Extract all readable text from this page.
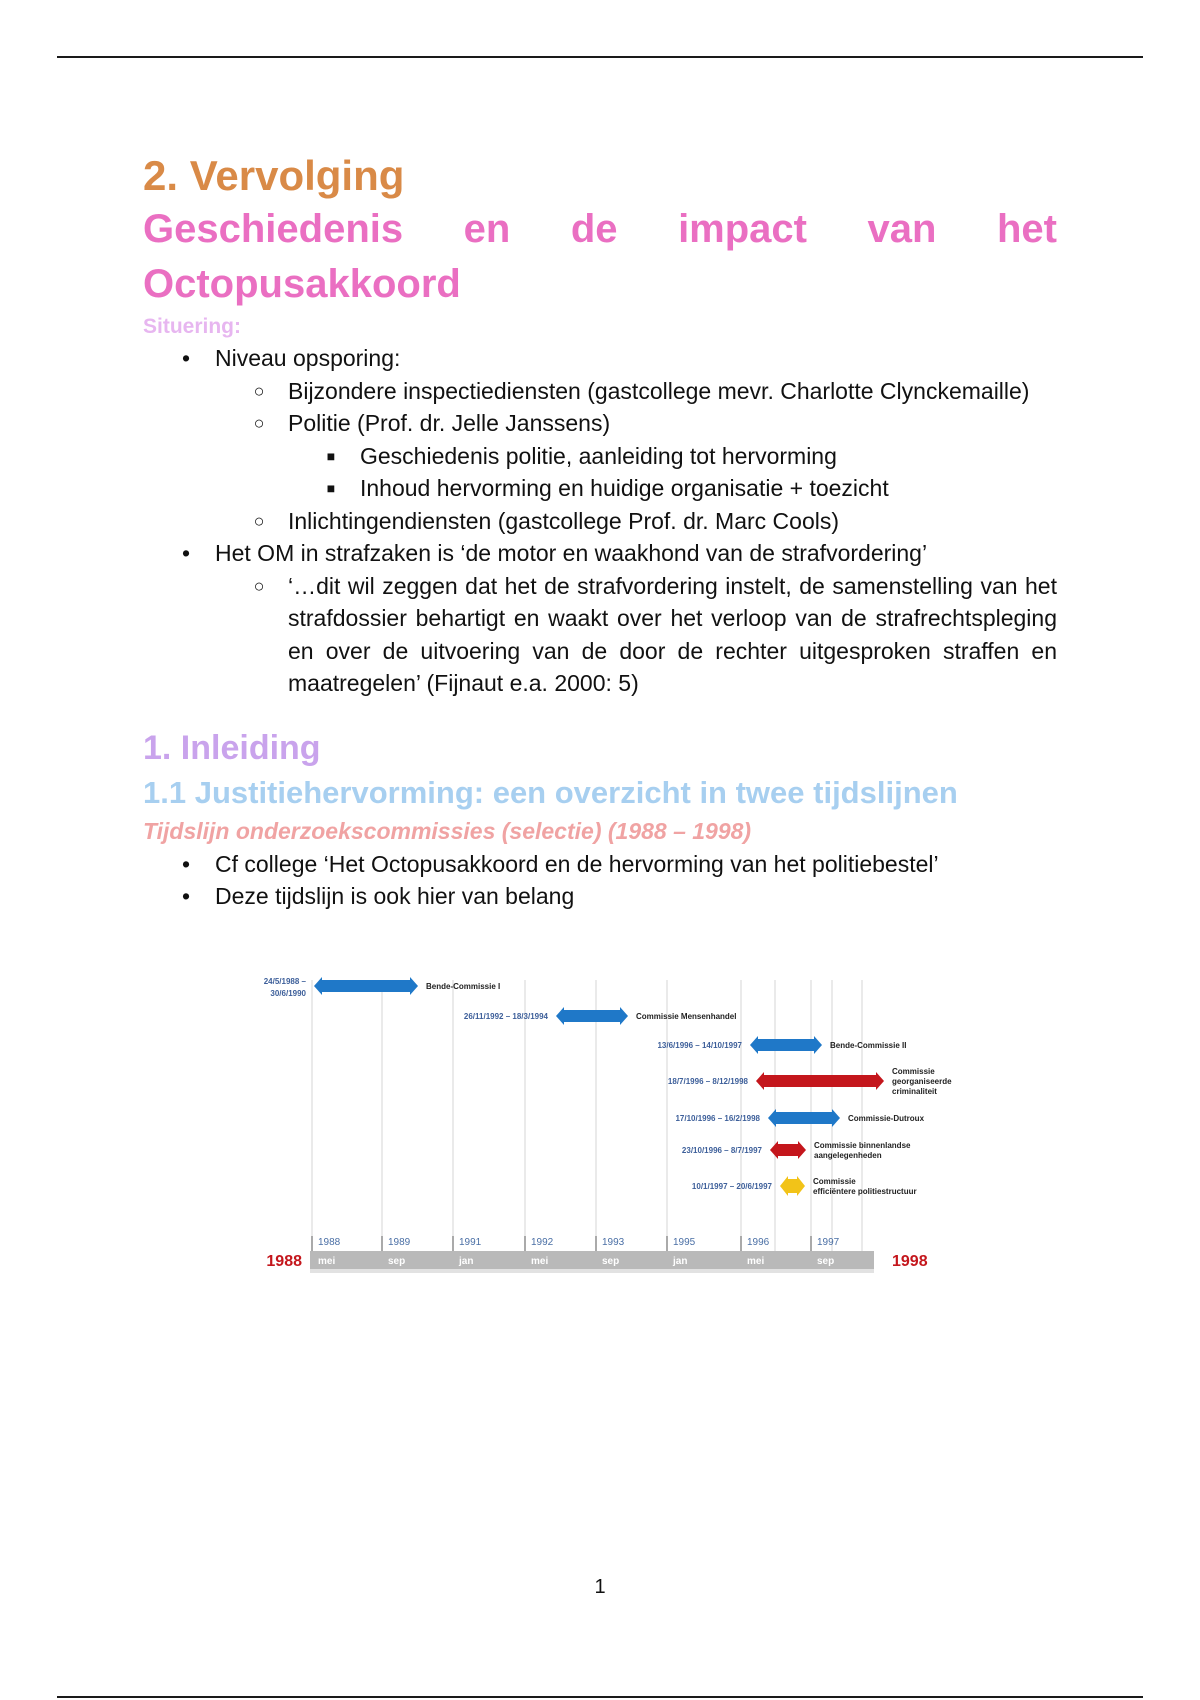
2. Vervolging
Geschiedenis en de impact van het Octopusakkoord
Situering:
• Niveau opsporing:
○ Bijzondere inspectiediensten (gastcollege mevr. Charlotte Clynckemaille)
○ Politie (Prof. dr. Jelle Janssens)
■ Geschiedenis politie, aanleiding tot hervorming
■ Inhoud hervorming en huidige organisatie + toezicht
○ Inlichtingendiensten (gastcollege Prof. dr. Marc Cools)
• Het OM in strafzaken is ‘de motor en waakhond van de strafvordering’
○ ‘…dit wil zeggen dat het de strafvordering instelt, de samenstelling van het strafdossier behartigt en waakt over het verloop van de strafrechtspleging en over de uitvoering van de door de rechter uitgesproken straffen en maatregelen’ (Fijnaut e.a. 2000: 5)
1. Inleiding
1.1 Justitiehervorming: een overzicht in twee tijdslijnen
Tijdslijn onderzoekscommissies (selectie) (1988 – 1998)
• Cf college ‘Het Octopusakkoord en de hervorming van het politiebestel’
• Deze tijdslijn is ook hier van belang
1988	1998
1988	1989	1991	1992	1993	1995	1996	1997
mei	sep	jan	mei	sep	jan	mei	sep
24/5/1988 –
30/6/1990
Bende-Commissie I
26/11/1992 – 18/3/1994	Commissie Mensenhandel
13/6/1996 – 14/10/1997	Bende-Commissie II
18/7/1996 – 8/12/1998
Commissie
georganiseerde
criminaliteit
17/10/1996 – 16/2/1998	Commissie-Dutroux
23/10/1996 – 8/7/1997
Commissie binnenlandse
aangelegenheden
10/1/1997 – 20/6/1997
Commissie
efficiëntere politiestructuur
1
